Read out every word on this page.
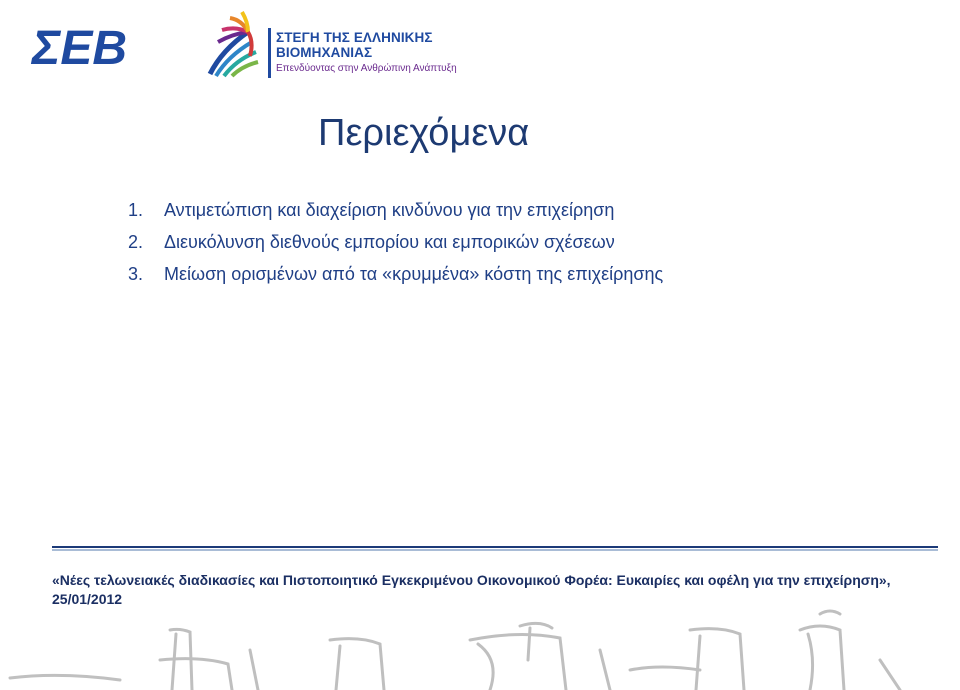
ΣΕΒ	ΣΤΕΓΗ ΤΗΣ ΕΛΛΗΝΙΚΗΣ
ΒΙΟΜΗΧΑΝΙΑΣ
Επενδύοντας στην Ανθρώπινη Ανάπτυξη
Περιεχόμενα
1. Αντιμετώπιση και διαχείριση κινδύνου για την επιχείρηση
2. Διευκόλυνση διεθνούς εμπορίου και εμπορικών σχέσεων
3. Μείωση ορισμένων από τα «κρυμμένα» κόστη της επιχείρησης
«Νέες τελωνειακές διαδικασίες και Πιστοποιητικό Εγκεκριμένου Οικονομικού Φορέα: Ευκαιρίες και οφέλη για την επιχείρηση», 25/01/2012
